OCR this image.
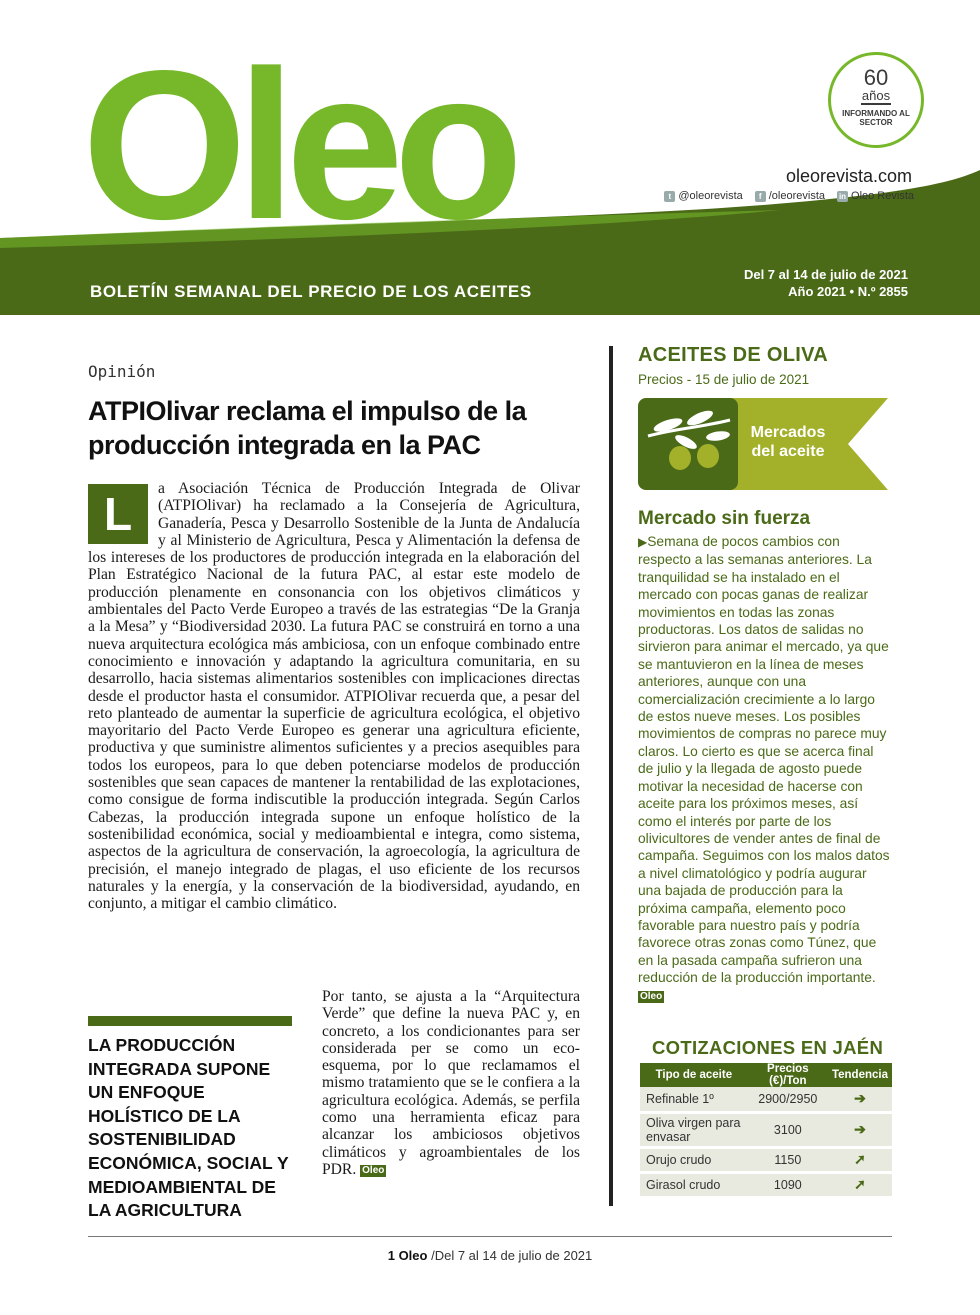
Oleo	60
años
INFORMANDO AL SECTOR
oleorevista.com
t @oleorevista	f /oleorevista in Oleo Revista
BOLETÍN SEMANAL DEL PRECIO DE LOS ACEITES
Del 7 al 14 de julio de 2021
Año 2021 • N.º 2855
Opinión
ATPIOlivar reclama el impulso de la producción integrada en la PAC
L	a Asociación Técnica de Producción Integrada de Olivar (ATPIOlivar) ha reclamado a la Consejería de Agricultura, Ganadería, Pesca y Desarrollo Sostenible de la Junta de Andalucía y al Ministerio de Agricultura, Pesca y Alimentación la defensa de los intereses de los productores de producción integrada en la elaboración del Plan Estratégico Nacional de la futura PAC, al estar este modelo de producción plenamente en consonancia con los objetivos climáticos y ambientales del Pacto Verde Europeo a través de las estrategias “De la Granja a la Mesa” y “Biodiversidad 2030. La futura PAC se construirá en torno a una nueva arquitectura ecológica más ambiciosa, con un enfoque combinado entre conocimiento e innovación y adaptando la agricultura comunitaria, en su desarrollo, hacia sistemas alimentarios sostenibles con implicaciones directas desde el productor hasta el consumidor. ATPIOlivar recuerda que, a pesar del reto planteado de aumentar la superficie de agricultura ecológica, el objetivo mayoritario del Pacto Verde Europeo es generar una agricultura eficiente, productiva y que suministre alimentos suficientes y a precios asequibles para todos los europeos, para lo que deben potenciarse modelos de producción sostenibles que sean capaces de mantener la rentabilidad de las explotaciones, como consigue de forma indiscutible la producción integrada. Según Carlos Cabezas, la producción integrada supone un enfoque holístico de la sostenibilidad económica, social y medioambiental e integra, como sistema, aspectos de la agricultura de conservación, la agroecología, la agricultura de precisión, el manejo integrado de plagas, el uso eficiente de los recursos naturales y la energía, y la conservación de la biodiversidad, ayudando, en conjunto, a mitigar el cambio climático.
Por tanto, se ajusta a la “Arquitectura Verde” que define la nueva PAC y, en concreto, a los condicionantes para ser considerada per se como un eco-esquema, por lo que reclamamos el mismo tratamiento que se le confiera a la agricultura ecológica. Además, se perfila como una herramienta eficaz para alcanzar los ambiciosos objetivos climáticos y agroambientales de los PDR. Oleo
LA PRODUCCIÓN INTEGRADA SUPONE UN ENFOQUE HOLÍSTICO DE LA SOSTENIBILIDAD ECONÓMICA, SOCIAL Y MEDIOAMBIENTAL DE LA AGRICULTURA
ACEITES DE OLIVA
Precios - 15 de julio de 2021
Mercados del aceite
Mercado sin fuerza
▶Semana de pocos cambios con respecto a las semanas anteriores. La tranquilidad se ha instalado en el mercado con pocas ganas de realizar movimientos en todas las zonas productoras. Los datos de salidas no sirvieron para animar el mercado, ya que se mantuvieron en la línea de meses anteriores, aunque con una comercialización crecimiente a lo largo de estos nueve meses. Los posibles movimientos de compras no parece muy claros. Lo cierto es que se acerca final de julio y la llegada de agosto puede motivar la necesidad de hacerse con aceite para los próximos meses, así como el interés por parte de los olivicultores de vender antes de final de campaña. Seguimos con los malos datos a nivel climatológico y podría augurar una bajada de producción para la próxima campaña, elemento poco favorable para nuestro país y podría favorece otras zonas como Túnez, que en la pasada campaña sufrieron una reducción de la producción importante. Oleo
COTIZACIONES EN JAÉN
Tipo de aceite	Precios (€)/Ton	Tendencia
Refinable 1º	2900/2950	➔

Oliva virgen para envasar	3100	➔
Orujo crudo	1150	➚
Girasol crudo	1090	➚
1 Oleo /Del 7 al 14 de julio de 2021
